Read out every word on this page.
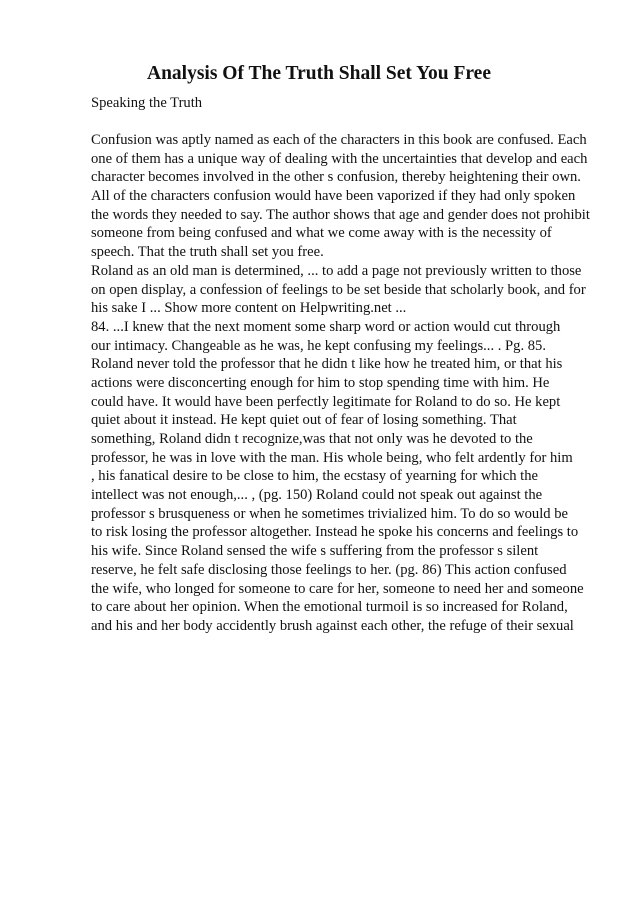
Analysis Of The Truth Shall Set You Free
Speaking the Truth
Confusion was aptly named as each of the characters in this book are confused. Each
one of them has a unique way of dealing with the uncertainties that develop and each
character becomes involved in the other s confusion, thereby heightening their own.
All of the characters confusion would have been vaporized if they had only spoken
the words they needed to say. The author shows that age and gender does not prohibit
someone from being confused and what we come away with is the necessity of
speech. That the truth shall set you free.
Roland as an old man is determined, ... to add a page not previously written to those
on open display, a confession of feelings to be set beside that scholarly book, and for
his sake I ... Show more content on Helpwriting.net ...
84. ...I knew that the next moment some sharp word or action would cut through
our intimacy. Changeable as he was, he kept confusing my feelings... . Pg. 85.
Roland never told the professor that he didn t like how he treated him, or that his
actions were disconcerting enough for him to stop spending time with him. He
could have. It would have been perfectly legitimate for Roland to do so. He kept
quiet about it instead. He kept quiet out of fear of losing something. That
something, Roland didn t recognize,was that not only was he devoted to the
professor, he was in love with the man. His whole being, who felt ardently for him
, his fanatical desire to be close to him, the ecstasy of yearning for which the
intellect was not enough,... , (pg. 150) Roland could not speak out against the
professor s brusqueness or when he sometimes trivialized him. To do so would be
to risk losing the professor altogether. Instead he spoke his concerns and feelings to
his wife. Since Roland sensed the wife s suffering from the professor s silent
reserve, he felt safe disclosing those feelings to her. (pg. 86) This action confused
the wife, who longed for someone to care for her, someone to need her and someone
to care about her opinion. When the emotional turmoil is so increased for Roland,
and his and her body accidently brush against each other, the refuge of their sexual
